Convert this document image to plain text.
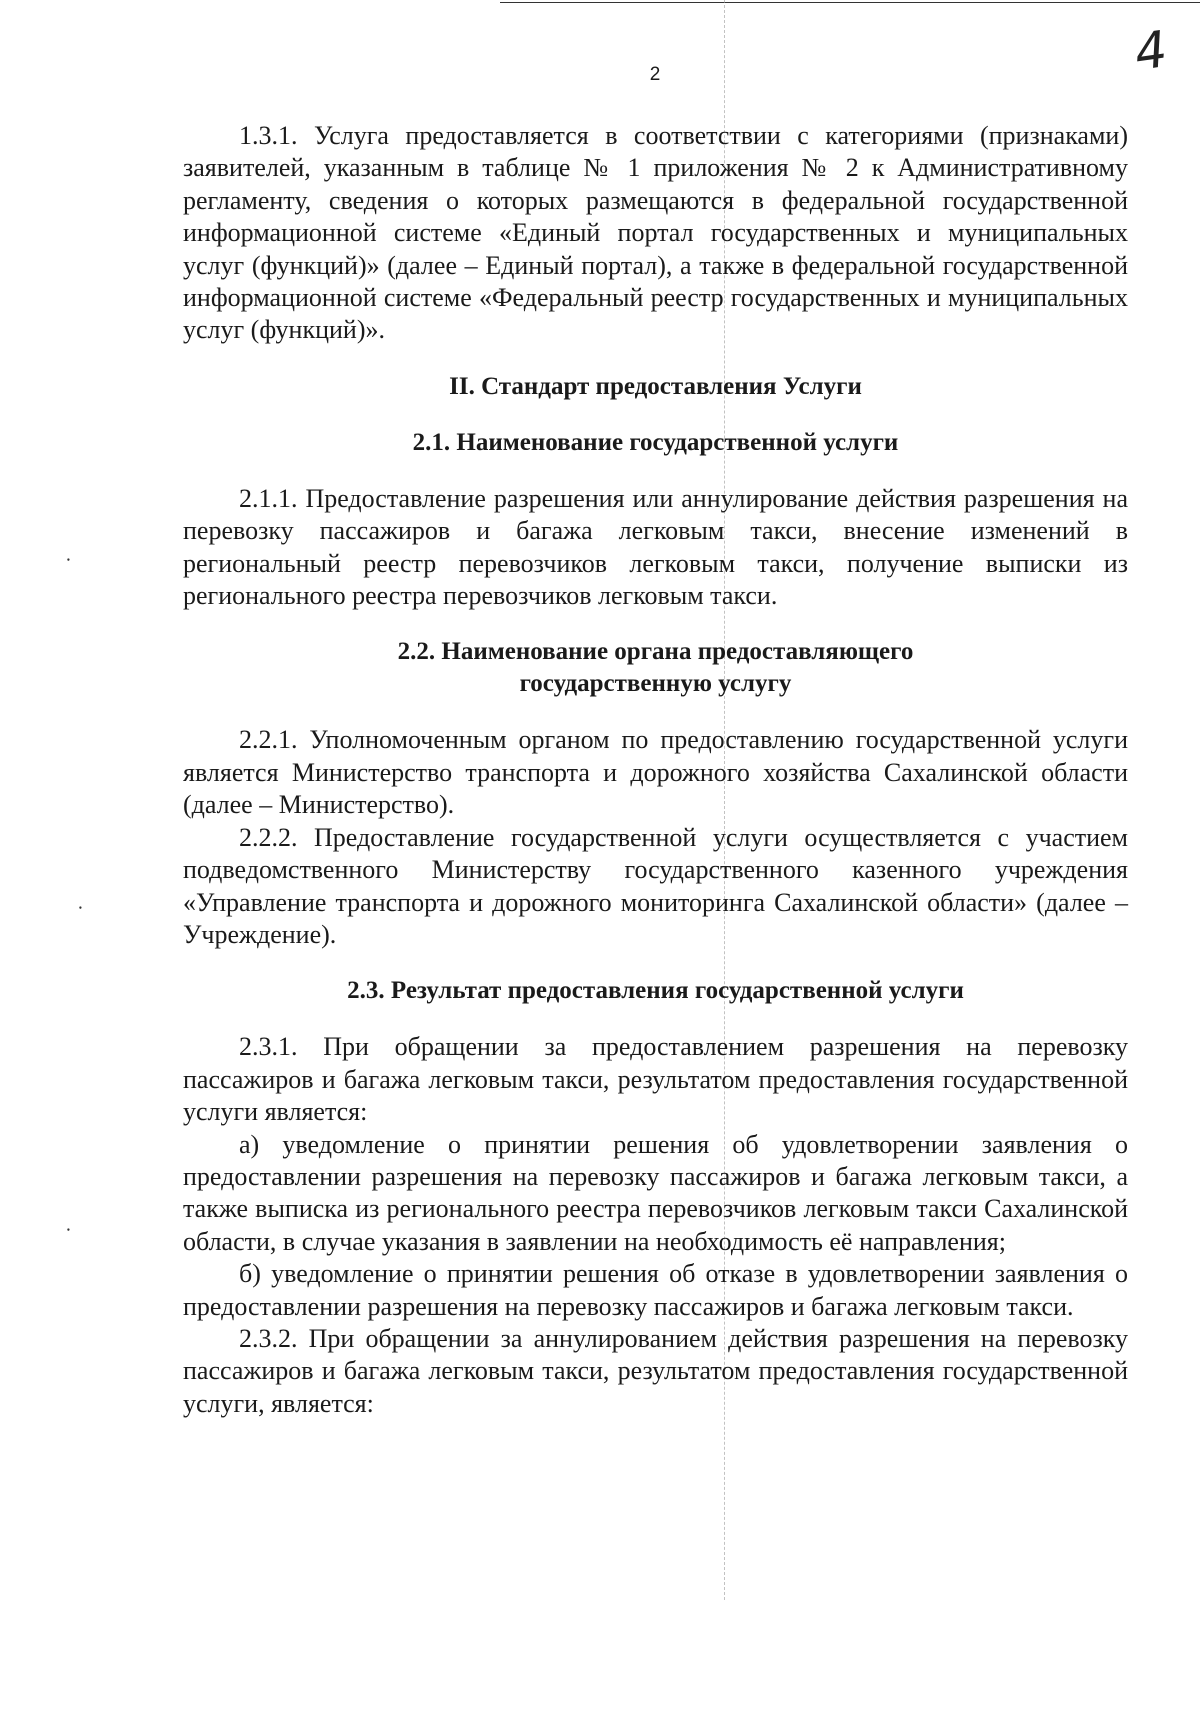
2	4
⸱
⸱
⸱

1.3.1. Услуга предоставляется в соответствии с категориями (признаками) заявителей, указанным в таблице № 1 приложения № 2 к Административному регламенту, сведения о которых размещаются в федеральной государственной информационной системе «Единый портал государственных и муниципальных услуг (функций)» (далее – Единый портал), а также в федеральной государственной информационной системе «Федеральный реестр государственных и муниципальных услуг (функций)».

II. Стандарт предоставления Услуги
2.1. Наименование государственной услуги

2.1.1. Предоставление разрешения или аннулирование действия разрешения на перевозку пассажиров и багажа легковым такси, внесение изменений в региональный реестр перевозчиков легковым такси, получение выписки из регионального реестра перевозчиков легковым такси.

2.2. Наименование органа предоставляющего
государственную услугу

2.2.1. Уполномоченным органом по предоставлению государственной услуги является Министерство транспорта и дорожного хозяйства Сахалинской области (далее – Министерство).

2.2.2. Предоставление государственной услуги осуществляется с участием подведомственного Министерству государственного казенного учреждения «Управление транспорта и дорожного мониторинга Сахалинской области» (далее – Учреждение).

2.3. Результат предоставления государственной услуги

2.3.1. При обращении за предоставлением разрешения на перевозку пассажиров и багажа легковым такси, результатом предоставления государственной услуги является:

а) уведомление о принятии решения об удовлетворении заявления о предоставлении разрешения на перевозку пассажиров и багажа легковым такси, а также выписка из регионального реестра перевозчиков легковым такси Сахалинской области, в случае указания в заявлении на необходимость её направления;

б) уведомление о принятии решения об отказе в удовлетворении заявления о предоставлении разрешения на перевозку пассажиров и багажа легковым такси.

2.3.2. При обращении за аннулированием действия разрешения на перевозку пассажиров и багажа легковым такси, результатом предоставления государственной услуги, является:
